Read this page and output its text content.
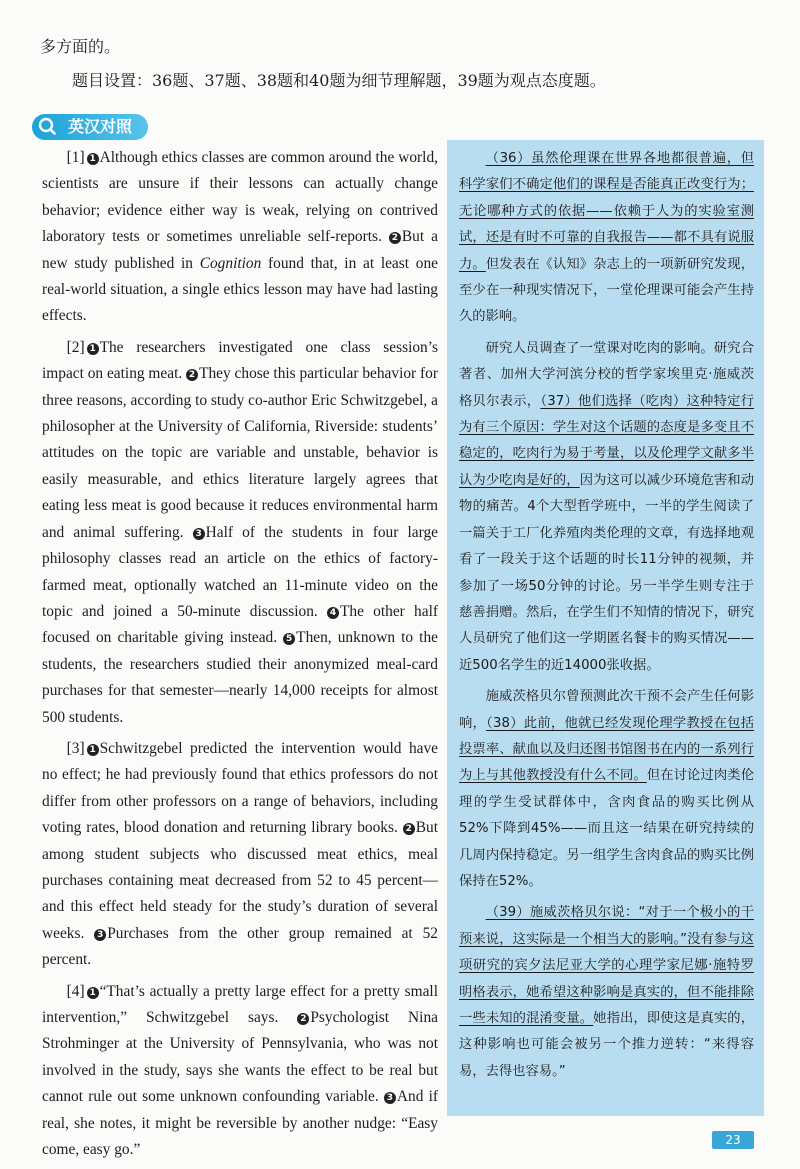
多方面的。

题目设置：36题、37题、38题和40题为细节理解题，39题为观点态度题。

英汉对照

[1] 1 Although ethics classes are common around the world, scientists are unsure if their lessons can actually change behavior; evidence either way is weak, relying on contrived laboratory tests or sometimes unreliable self-reports. 2 But a new study published in Cognition found that, in at least one real-world situation, a single ethics lesson may have had lasting effects.

[2] 1 The researchers investigated one class session’s impact on eating meat. 2 They chose this particular behavior for three reasons, according to study co-author Eric Schwitzgebel, a philosopher at the University of California, Riverside: students’ attitudes on the topic are variable and unstable, behavior is easily measurable, and ethics literature largely agrees that eating less meat is good because it reduces environmental harm and animal suffering. 3 Half of the students in four large philosophy classes read an article on the ethics of factory-farmed meat, optionally watched an 11-minute video on the topic and joined a 50-minute discussion. 4 The other half focused on charitable giving instead. 5 Then, unknown to the students, the researchers studied their anonymized meal-card purchases for that semester—nearly 14,000 receipts for almost 500 students.

[3] 1 Schwitzgebel predicted the intervention would have no effect; he had previously found that ethics professors do not differ from other professors on a range of behaviors, including voting rates, blood donation and returning library books. 2 But among student subjects who discussed meat ethics, meal purchases containing meat decreased from 52 to 45 percent—and this effect held steady for the study’s duration of several weeks. 3 Purchases from the other group remained at 52 percent.

[4] 1 “That’s actually a pretty large effect for a pretty small intervention,” Schwitzgebel says. 2 Psychologist Nina Strohminger at the University of Pennsylvania, who was not involved in the study, says she wants the effect to be real but cannot rule out some unknown confounding variable. 3 And if real, she notes, it might be reversible by another nudge: “Easy come, easy go.”

（36）虽然伦理课在世界各地都很普遍，但科学家们不确定他们的课程是否能真正改变行为；无论哪种方式的依据——依赖于人为的实验室测试，还是有时不可靠的自我报告——都不具有说服力。但发表在《认知》杂志上的一项新研究发现，至少在一种现实情况下，一堂伦理课可能会产生持久的影响。

研究人员调查了一堂课对吃肉的影响。研究合著者、加州大学河滨分校的哲学家埃里克·施威茨格贝尔表示，（37）他们选择（吃肉）这种特定行为有三个原因：学生对这个话题的态度是多变且不稳定的，吃肉行为易于考量，以及伦理学文献多半认为少吃肉是好的，因为这可以减少环境危害和动物的痛苦。4个大型哲学班中，一半的学生阅读了一篇关于工厂化养殖肉类伦理的文章，有选择地观看了一段关于这个话题的时长11分钟的视频，并参加了一场50分钟的讨论。另一半学生则专注于慈善捐赠。然后，在学生们不知情的情况下，研究人员研究了他们这一学期匿名餐卡的购买情况——近500名学生的近14000张收据。

施威茨格贝尔曾预测此次干预不会产生任何影响，（38）此前，他就已经发现伦理学教授在包括投票率、献血以及归还图书馆图书在内的一系列行为上与其他教授没有什么不同。但在讨论过肉类伦理的学生受试群体中，含肉食品的购买比例从52%下降到45%——而且这一结果在研究持续的几周内保持稳定。另一组学生含肉食品的购买比例保持在52%。

（39）施威茨格贝尔说：“对于一个极小的干预来说，这实际是一个相当大的影响。”没有参与这项研究的宾夕法尼亚大学的心理学家尼娜·施特罗明格表示，她希望这种影响是真实的，但不能排除一些未知的混淆变量。她指出，即使这是真实的，这种影响也可能会被另一个推力逆转：“来得容易，去得也容易。”

23
